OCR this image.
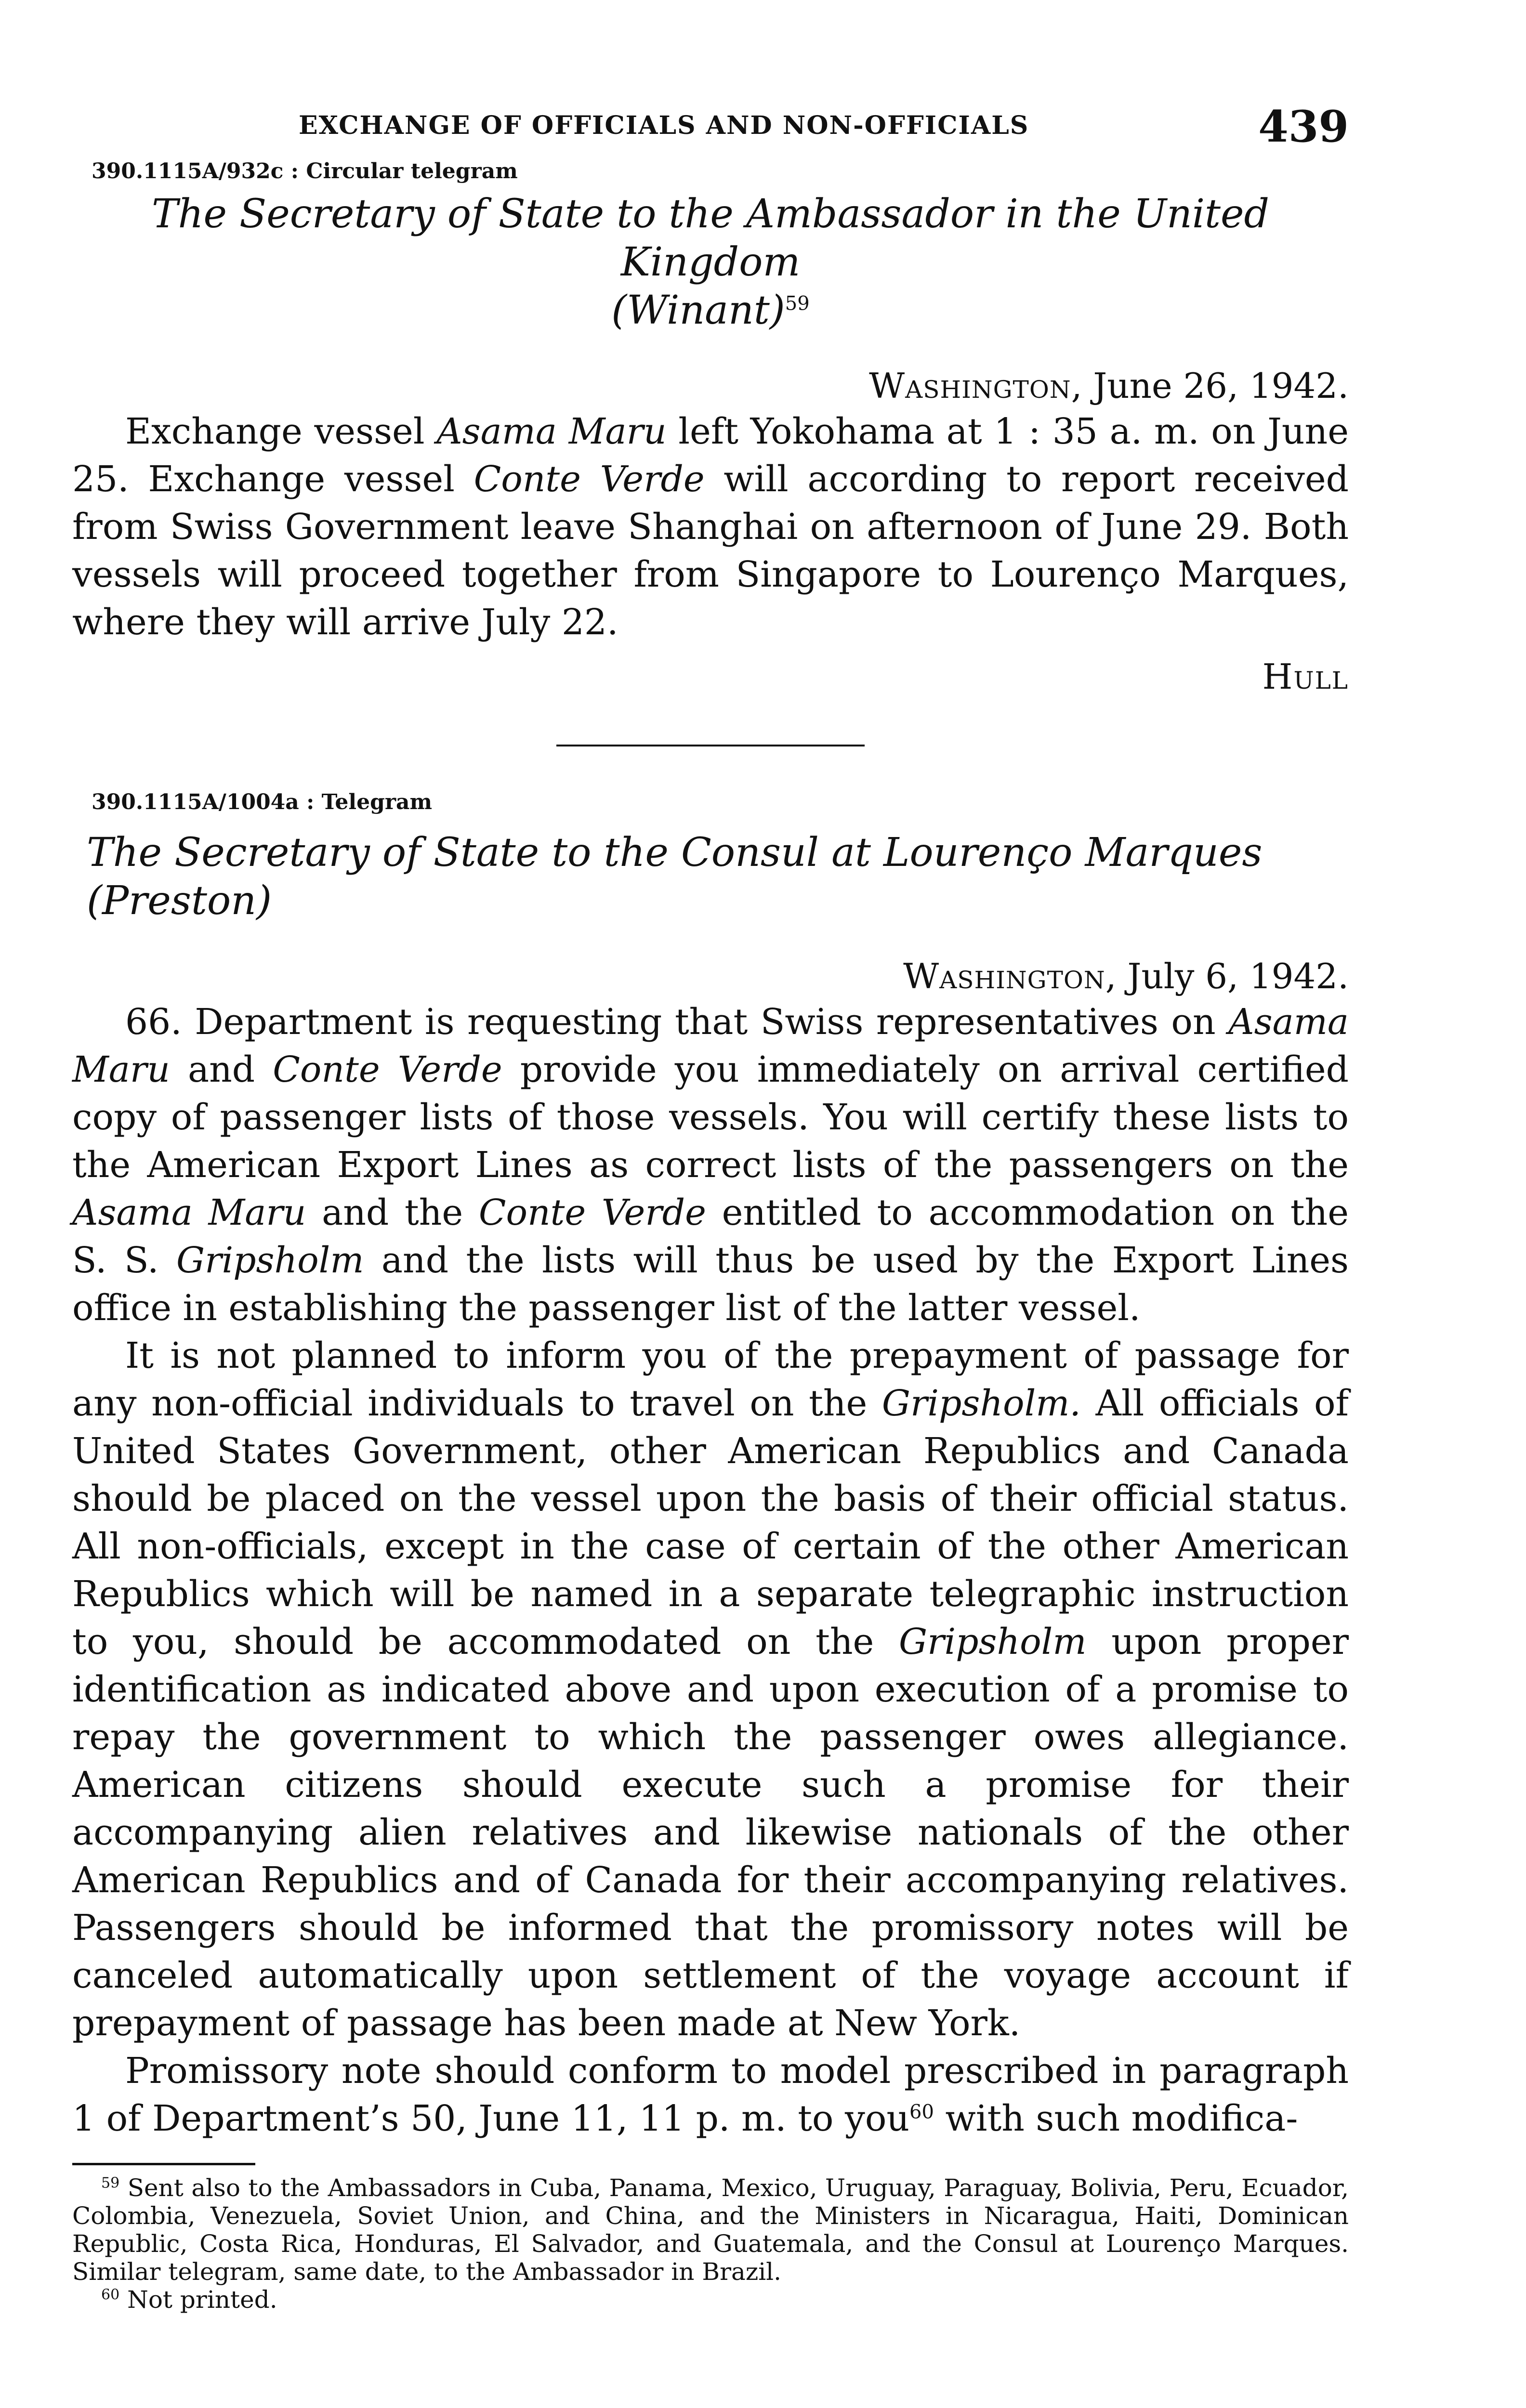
EXCHANGE OF OFFICIALS AND NON-OFFICIALS	439
390.1115A/932c : Circular telegram
The Secretary of State to the Ambassador in the United Kingdom
(Winant)$^{59}$
Washington, June 26, 1942.

Exchange vessel Asama Maru left Yokohama at 1 : 35 a. m. on June 25. Exchange vessel Conte Verde will according to report received from Swiss Government leave Shanghai on afternoon of June 29. Both vessels will proceed together from Singapore to Lourenço Marques, where they will arrive July 22.

Hull
390.1115A/1004a : Telegram
The Secretary of State to the Consul at Lourenço Marques (Preston)
Washington, July 6, 1942.

66. Department is requesting that Swiss representatives on Asama Maru and Conte Verde provide you immediately on arrival certified copy of passenger lists of those vessels. You will certify these lists to the American Export Lines as correct lists of the passengers on the Asama Maru and the Conte Verde entitled to accommodation on the S. S. Gripsholm and the lists will thus be used by the Export Lines office in establishing the passenger list of the latter vessel.

It is not planned to inform you of the prepayment of passage for any non-official individuals to travel on the Gripsholm. All officials of United States Government, other American Republics and Canada should be placed on the vessel upon the basis of their official status. All non-officials, except in the case of certain of the other American Republics which will be named in a separate telegraphic instruction to you, should be accommodated on the Gripsholm upon proper identification as indicated above and upon execution of a promise to repay the government to which the passenger owes allegiance. American citizens should execute such a promise for their accompanying alien relatives and likewise nationals of the other American Republics and of Canada for their accompanying relatives. Passengers should be informed that the promissory notes will be canceled automatically upon settlement of the voyage account if prepayment of passage has been made at New York.

Promissory note should conform to model prescribed in paragraph 1 of Department’s 50, June 11, 11 p. m. to you$^{60}$ with such modifica-

$^{59}$ Sent also to the Ambassadors in Cuba, Panama, Mexico, Uruguay, Paraguay, Bolivia, Peru, Ecuador, Colombia, Venezuela, Soviet Union, and China, and the Ministers in Nicaragua, Haiti, Dominican Republic, Costa Rica, Honduras, El Salvador, and Guatemala, and the Consul at Lourenço Marques. Similar telegram, same date, to the Ambassador in Brazil.

$^{60}$ Not printed.
